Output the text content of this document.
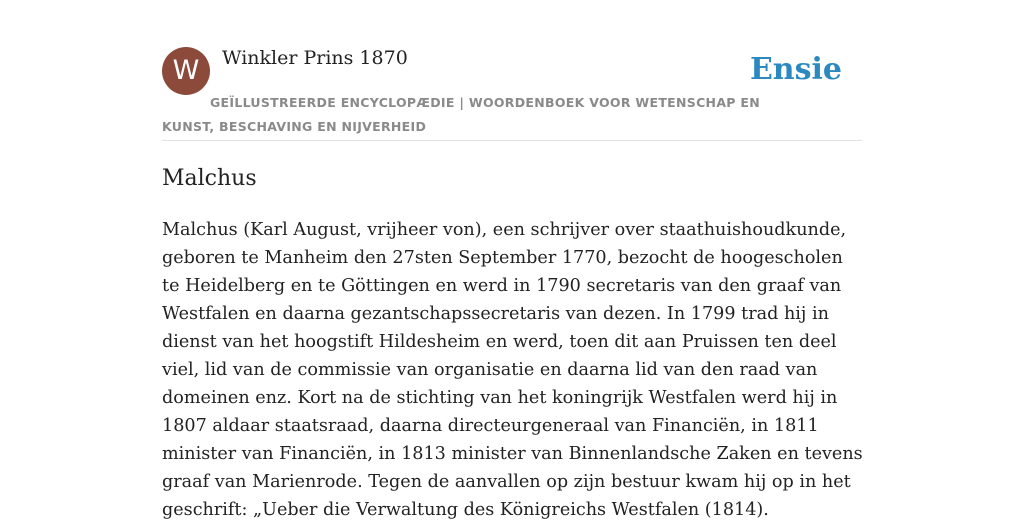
W	Winkler Prins 1870	Ensie
GEÏLLUSTREERDE ENCYCLOPÆDIE | WOORDENBOEK VOOR WETENSCHAP EN KUNST, BESCHAVING EN NIJVERHEID
Malchus

Malchus (Karl August, vrijheer von), een schrijver over staathuishoudkunde, geboren te Manheim den 27sten September 1770, bezocht de hoogescholen te Heidelberg en te Göttingen en werd in 1790 secretaris van den graaf van Westfalen en daarna gezantschapssecretaris van dezen. In 1799 trad hij in dienst van het hoogstift Hildesheim en werd, toen dit aan Pruissen ten deel viel, lid van de commissie van organisatie en daarna lid van den raad van domeinen enz. Kort na de stichting van het koningrijk Westfalen werd hij in 1807 aldaar staatsraad, daarna directeurgeneraal van Financiën, in 1811 minister van Financiën, in 1813 minister van Binnenlandsche Zaken en tevens graaf van Marienrode. Tegen de aanvallen op zijn bestuur kwam hij op in het geschrift: „Ueber die Verwaltung des Königreichs Westfalen (1814).
